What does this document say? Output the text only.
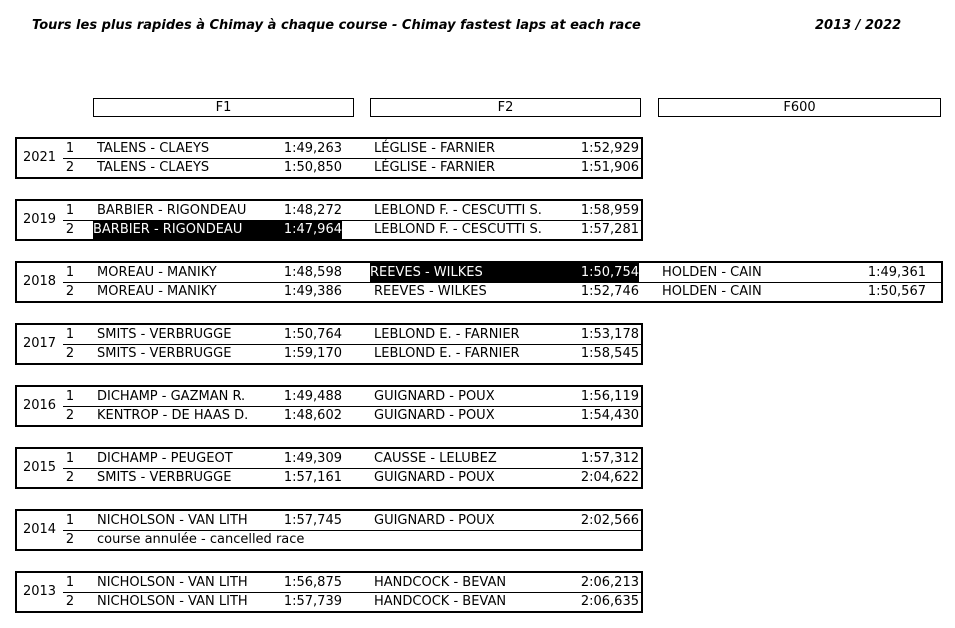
Tours les plus rapides à Chimay à chaque course - Chimay fastest laps at each race	2013 / 2022
F1	F2	F600
2021
1 TALENS - CLAEYS	1:49,263 LÉGLISE - FARNIER	1:52,929
2 TALENS - CLAEYS	1:50,850 LÉGLISE - FARNIER	1:51,906
2019
1 BARBIER - RIGONDEAU	1:48,272 LEBLOND F. - CESCUTTI S.	1:58,959
2 BARBIER - RIGONDEAU	1:47,964 LEBLOND F. - CESCUTTI S.	1:57,281
2018
1 MOREAU - MANIKY	1:48,598 REEVES - WILKES	1:50,754 HOLDEN - CAIN	1:49,361
2 MOREAU - MANIKY	1:49,386 REEVES - WILKES	1:52,746 HOLDEN - CAIN	1:50,567
2017
1 SMITS - VERBRUGGE	1:50,764 LEBLOND E. - FARNIER	1:53,178
2 SMITS - VERBRUGGE	1:59,170 LEBLOND E. - FARNIER	1:58,545
2016
1 DICHAMP - GAZMAN R.	1:49,488 GUIGNARD - POUX	1:56,119
2 KENTROP - DE HAAS D.	1:48,602 GUIGNARD - POUX	1:54,430
2015
1 DICHAMP - PEUGEOT	1:49,309 CAUSSE - LELUBEZ	1:57,312
2 SMITS - VERBRUGGE	1:57,161 GUIGNARD - POUX	2:04,622
2014
1 NICHOLSON - VAN LITH	1:57,745 GUIGNARD - POUX	2:02,566
2 course annulée - cancelled race
2013
1 NICHOLSON - VAN LITH	1:56,875 HANDCOCK - BEVAN	2:06,213
2 NICHOLSON - VAN LITH	1:57,739 HANDCOCK - BEVAN	2:06,635
